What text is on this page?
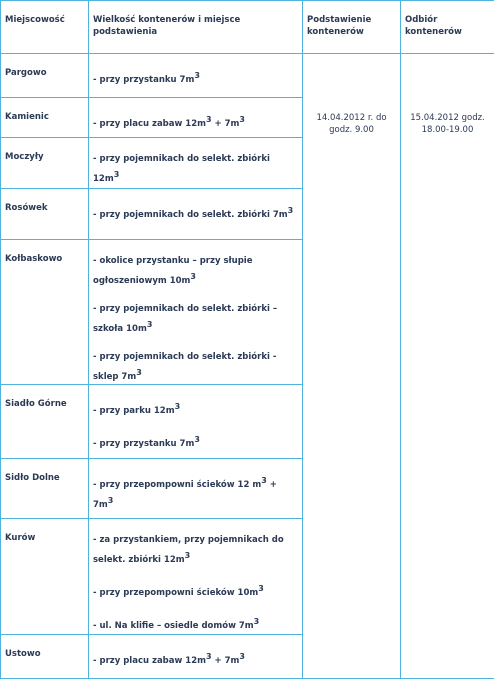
Miejscowość	Wielkość kontenerów i miejsce podstawienia	Podstawienie kontenerów	Odbiór kontenerów

Pargowo	- przy przystanku $7m^3$	14.04.2012 r. do godz. 9.00	15.04.2012 godz. 18.00-19.00

Kamienic	- przy placu zabaw $12m^3 + 7m^3$

Moczyły	- przy pojemnikach do selekt. zbiórki $12m^3$

Rosówek	- przy pojemnikach do selekt. zbiórki $7m^3$

Kołbaskowo	- okolice przystanku – przy słupie ogłoszeniowym $10m^3$
- przy pojemnikach do selekt. zbiórki – szkoła $10m^3$
- przy pojemnikach do selekt. zbiórki - sklep $7m^3$

Siadło Górne	- przy parku $12m^3$
- przy przystanku $7m^3$

Sidło Dolne	- przy przepompowni ścieków 12 $m^3 + 7m^3$

Kurów	- za przystankiem, przy pojemnikach do selekt. zbiórki $12m^3$
- przy przepompowni ścieków $10m^3$
- ul. Na klifie – osiedle domów $7m^3$

Ustowo	- przy placu zabaw $12m^3 + 7m^3$
